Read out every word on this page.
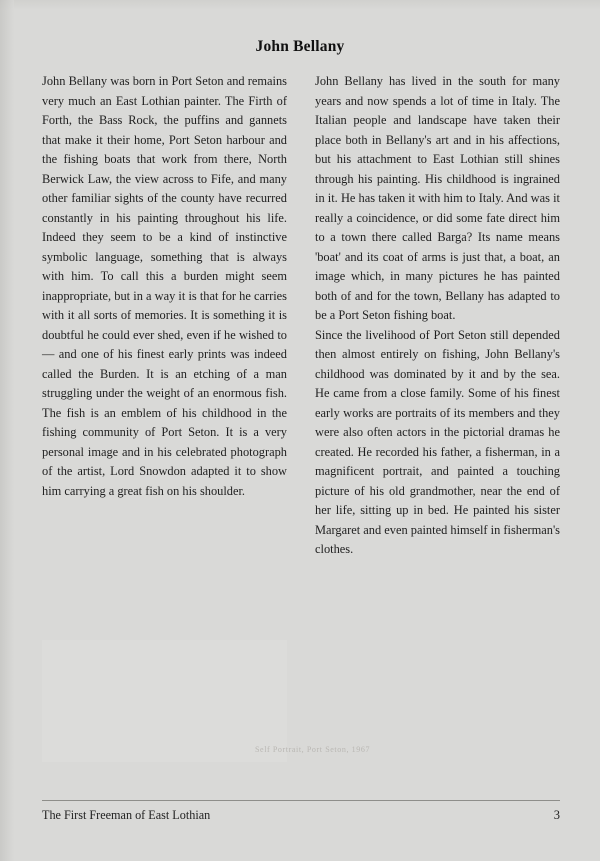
John Bellany

John Bellany was born in Port Seton and remains very much an East Lothian painter. The Firth of Forth, the Bass Rock, the puffins and gannets that make it their home, Port Seton harbour and the fishing boats that work from there, North Berwick Law, the view across to Fife, and many other familiar sights of the county have recurred constantly in his painting throughout his life. Indeed they seem to be a kind of instinctive symbolic language, something that is always with him. To call this a burden might seem inappropriate, but in a way it is that for he carries with it all sorts of memories. It is something it is doubtful he could ever shed, even if he wished to — and one of his finest early prints was indeed called the Burden. It is an etching of a man struggling under the weight of an enormous fish. The fish is an emblem of his childhood in the fishing community of Port Seton. It is a very personal image and in his celebrated photograph of the artist, Lord Snowdon adapted it to show him carrying a great fish on his shoulder.

John Bellany has lived in the south for many years and now spends a lot of time in Italy. The Italian people and landscape have taken their place both in Bellany's art and in his affections, but his attachment to East Lothian still shines through his painting. His childhood is ingrained in it. He has taken it with him to Italy. And was it really a coincidence, or did some fate direct him to a town there called Barga? Its name means 'boat' and its coat of arms is just that, a boat, an image which, in many pictures he has painted both of and for the town, Bellany has adapted to be a Port Seton fishing boat.

Since the livelihood of Port Seton still depended then almost entirely on fishing, John Bellany's childhood was dominated by it and by the sea. He came from a close family. Some of his finest early works are portraits of its members and they were also often actors in the pictorial dramas he created. He recorded his father, a fisherman, in a magnificent portrait, and painted a touching picture of his old grandmother, near the end of her life, sitting up in bed. He painted his sister Margaret and even painted himself in fisherman's clothes.

Self Portrait, Port Seton, 1967
The First Freeman of East Lothian	3
